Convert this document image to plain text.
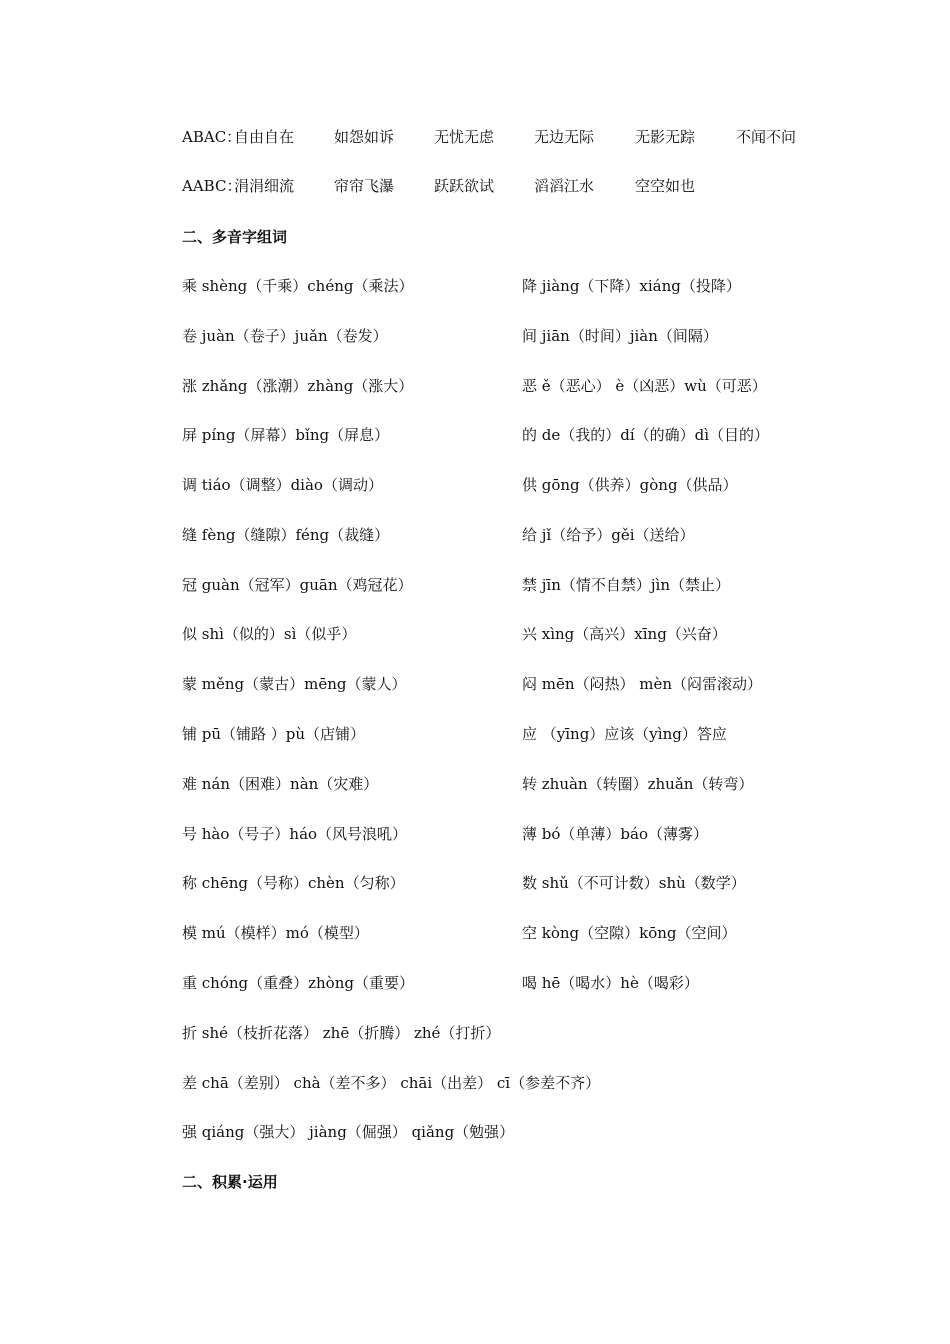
ABAC：
自由自在	如怨如诉	无忧无虑	无边无际	无影无踪	不闻不问
AABC：
涓涓细流	帘帘飞瀑	跃跃欲试	滔滔江水	空空如也
二、多音字组词
乘 shèng（千乘）chéng（乘法）	降 jiàng（下降）xiáng（投降）
卷 juàn（卷子）juǎn（卷发）	间 jiān（时间）jiàn（间隔）
涨 zhǎng（涨潮）zhàng（涨大）	恶 ě（恶心） è（凶恶）wù（可恶）
屏 píng（屏幕）bǐng（屏息）	的 de（我的）dí（的确）dì（目的）
调 tiáo（调整）diào（调动）	供 gōng（供养）gòng（供品）
缝 fèng（缝隙）féng（裁缝）	给 jǐ（给予）gěi（送给）
冠 guàn（冠军）guān（鸡冠花）	禁 jīn（情不自禁）jìn（禁止）
似 shì（似的）sì（似乎）	兴 xìng（高兴）xīng（兴奋）
蒙 měng（蒙古）mēng（蒙人）	闷 mēn（闷热） mèn（闷雷滚动）
铺 pū（铺路 ）pù（店铺）	应 （yīng）应该（yìng）答应
难 nán（困难）nàn（灾难）	转 zhuàn（转圈）zhuǎn（转弯）
号 hào（号子）háo（风号浪吼）	薄 bó（单薄）báo（薄雾）
称 chēng（号称）chèn（匀称）	数 shǔ（不可计数）shù（数学）
模 mú（模样）mó（模型）	空 kòng（空隙）kōng（空间）
重 chóng（重叠）zhòng（重要）	喝 hē（喝水）hè（喝彩）
折 shé（枝折花落） zhē（折腾） zhé（打折）
差 chā（差别） chà（差不多） chāi（出差） cī（参差不齐）
强 qiáng（强大） jiàng（倔强） qiǎng（勉强）
二、积累·运用
